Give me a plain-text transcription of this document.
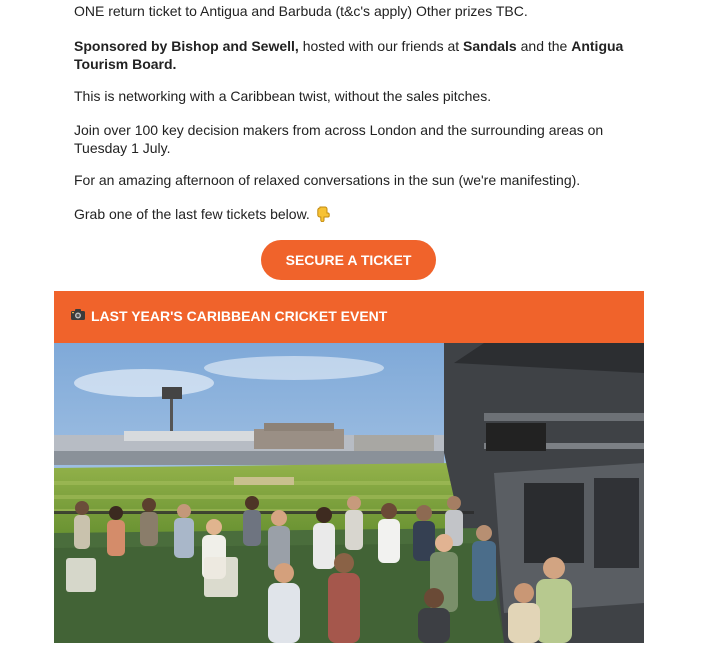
ONE return ticket to Antigua and Barbuda (t&c's apply) Other prizes TBC.

Sponsored by Bishop and Sewell, hosted with our friends at Sandals and the Antigua Tourism Board.

This is networking with a Caribbean twist, without the sales pitches.

Join over 100 key decision makers from across London and the surrounding areas on Tuesday 1 July.

For an amazing afternoon of relaxed conversations in the sun (we're manifesting).

Grab one of the last few tickets below.

SECURE A TICKET
LAST YEAR'S CARIBBEAN CRICKET EVENT
